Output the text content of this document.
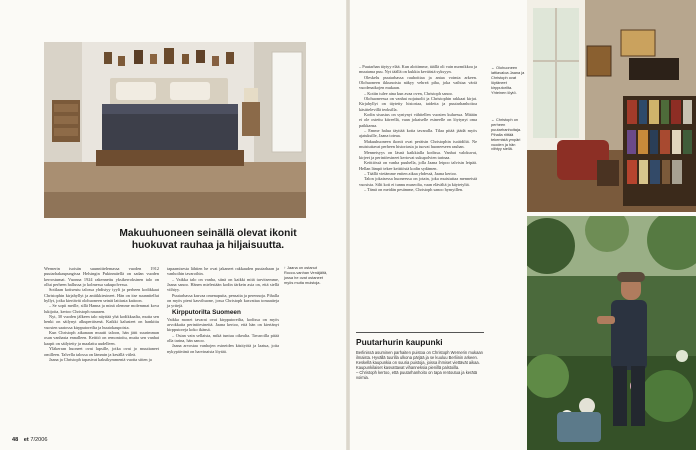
Makuuhuoneen seinällä olevat ikonit huokuvat rauhaa ja hiljaisuutta.

Wernerin isoisän suunnittelemassa vuoden 1912 puutarhakaupungissa Helsingin Pukinmäellä on sadan vuoden kerrostumat. Vuonna 1924 rakennettu yksikerroksinen talo on ollut perheen hallussa jo kolmessa sukupolvessa.

Sotilaan kotiseutu talossa yhdistyy tyyli ja perheen kodikkaat Christophin kirjahyllyt ja antiikkiesineet. Hän on itse suunnitellut hyllyt, jotka kiertävät olohuoneen seinät lattiasta kattoon.

– Se sopii meille, sillä Hanna ja minä olemme molemmat kova lukijoita, kertoo Christoph nauraen.

Nyt, 30 vuoden jälkeen talo näyttää yhä kodikkaalta, mutta sen henki on säilynyt alkuperäisenä. Kaikki kalusteet on hankittu vuosien saatossa kirpputoreilta ja huutokaupoista.

Kun Christoph aikanaan muutti taloon, hän jätti suurimman osan vanhasta ennalleen. Keittiö on remontoitu, mutta sen vanhat kaapit on säilytetty ja maalattu uudelleen.

Yläkerran huoneet ovat lapsille, jotka ovat jo muuttaneet omilleen. Talvella talossa on lämmin ja kesällä viileä.

Jaana ja Christoph tapasivat kaksikymmentä vuotta sitten ja

tapaamisesta lähtien he ovat jakaneet rakkauden puutarhaan ja vanhoihin tavaroihin.

– Vaikka talo on vanha, siinä on kaikki mitä tarvitsemme, Jaana sanoo. Hänen mielestään kodin tärkein asia on, että siellä viihtyy.

Puutarhassa kasvaa omenapuita, pensaita ja perennoja. Pihalla on myös pieni kasvihuone, jossa Christoph kasvattaa tomaatteja ja yrttejä.

Kirpputorilta Suomeen

Vaikka monet tavarat ovat kirpputoreilta, kodissa on myös arvokkaita perintöesineitä. Jaana kertoo, että hän on kiertänyt kirpputoreja koko ikänsä.

– Ostan vain sellaista, mikä tuntuu oikealta. Tavaroilla pitää olla tarina, hän sanoo.

Jaana arvostaa vanhojen esineiden käsityötä ja laatua, joita nykypäivänä on harvinaista löytää.

↑ Jaana on ostanut Rocco-vanhan Venäjältä, jossa he ovat ostaneet myös muita muistoja.

– Puutarhan täytyy elää. Kun aloitimme, täällä oli vain nurmikkoa ja muutama puu. Nyt täällä on kukkia keväästä syksyyn.

Oleskelu puutarhassa rauhoittaa ja antaa voimia arkeen. Olohuoneen ikkunoista näkyy vehreä piha, joka vaihtaa väriä vuodenaikojen mukaan.

– Kotiin tulee aina kun avaa oven, Christoph sanoo.

Olohuoneessa on vanhat nojatuolit ja Christophin rakkaat kirjat. Kirjahyllyt on täytetty historiaa, taidetta ja puutarhanhoitoa käsittelevillä teoksilla.

Kodin sisustus on syntynyt vähitellen vuosien kuluessa. Mitään ei ole ostettu kiireellä, vaan jokaiselle esineelle on löytynyt oma paikkansa.

– Emme halua täyttää kotia tavaralla. Tilaa pitää jäädä myös ajatuksille, Jaana toteaa.

Makuuhuoneen ikonit ovat peräisin Christophin isoäidiltä. Ne muistuttavat perheen historiasta ja tuovat huoneeseen rauhan.

Menneisyys on läsnä kaikkialla kodissa. Vanhat valokuvat, kirjeet ja perintöesineet kertovat sukupolvien tarinaa.

Keittiössä on vanha puuhella, jolla Jaana leipoo talvisin leipää. Hellan lämpö tekee keittiöstä kodin sydämen.

– Täällä vietämme eniten aikaa yhdessä, Jaana kertoo.

Talon jokaisessa huoneessa on jotain, joka muistuttaa menneistä vuosista. Silti koti ei tunnu museolta, vaan elävältä ja käytetyltä.

– Tämä on meidän pesämme, Christoph sanoo hymyillen.

← Olohuoneen lattiavaloa Jaana ja Christoph ovat löytäneet kirpputorilta. Yhteinen löytö.
← Christoph on perheen puutarhanhoitaja. Pihalla riittää tekemistä ympäri vuoden ja hän viihtyy siellä.
Puutarhurin kaupunki

Berlinissä asuminen parhaiten puistoa on Christoph Wernerin mukaan ilmaista. Hyvällä tuurilla ulkona pärjää ja se kuuluu Berliinin arkeen.

Keskellä kaupunkia on suuria puistoja, joissa ihmiset viettävät aikaa. Kaupunkilaiset kasvattavat vihanneksia pienillä palstoilla.

– Christoph kertoo, että puutarhanhoito on tapa rentoutua ja kerätä voimia.

48 et 7/2006
